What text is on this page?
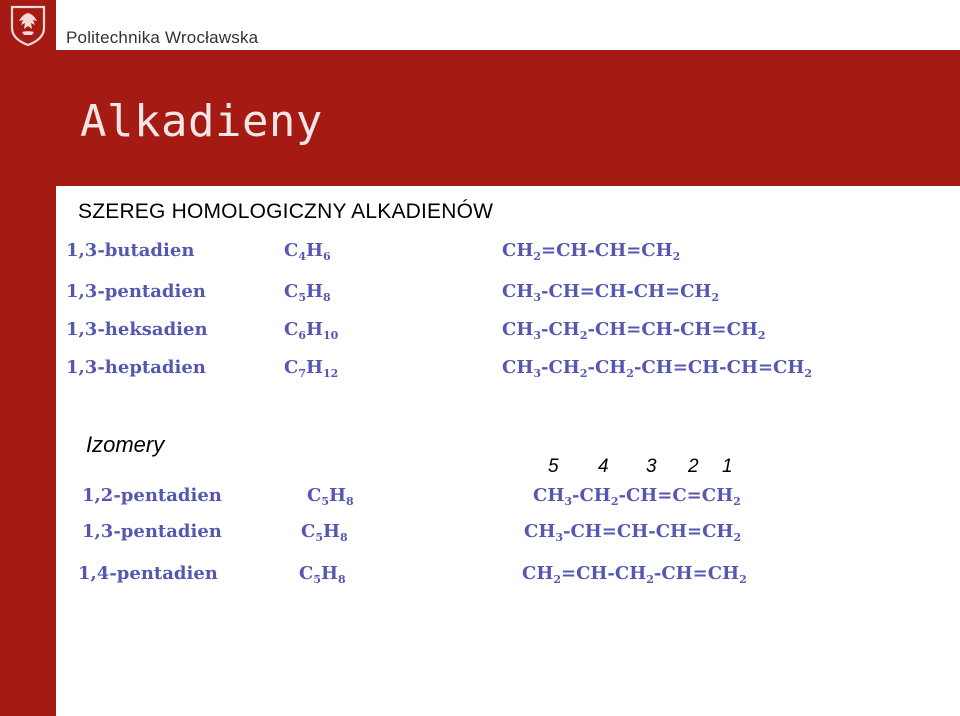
Politechnika Wrocławska
Alkadieny
SZEREG HOMOLOGICZNY ALKADIENÓW
1,3-butadien	$C_4H_6$	$CH_2=CH-CH=CH_2$
1,3-pentadien	$C_5H_8$	$CH_3-CH=CH-CH=CH_2$
1,3-heksadien	$C_6H_{10}$	$CH_3-CH_2-CH=CH-CH=CH_2$
1,3-heptadien	$C_7H_{12}$	$CH_3-CH_2-CH_2-CH=CH-CH=CH_2$
Izomery
5 4 3 2 1
1,2-pentadien	$C_5H_8$	$CH_3-CH_2-CH=C=CH_2$
1,3-pentadien	$C_5H_8$	$CH_3-CH=CH-CH=CH_2$
1,4-pentadien	$C_5H_8$	$CH_2=CH-CH_2-CH=CH_2$
